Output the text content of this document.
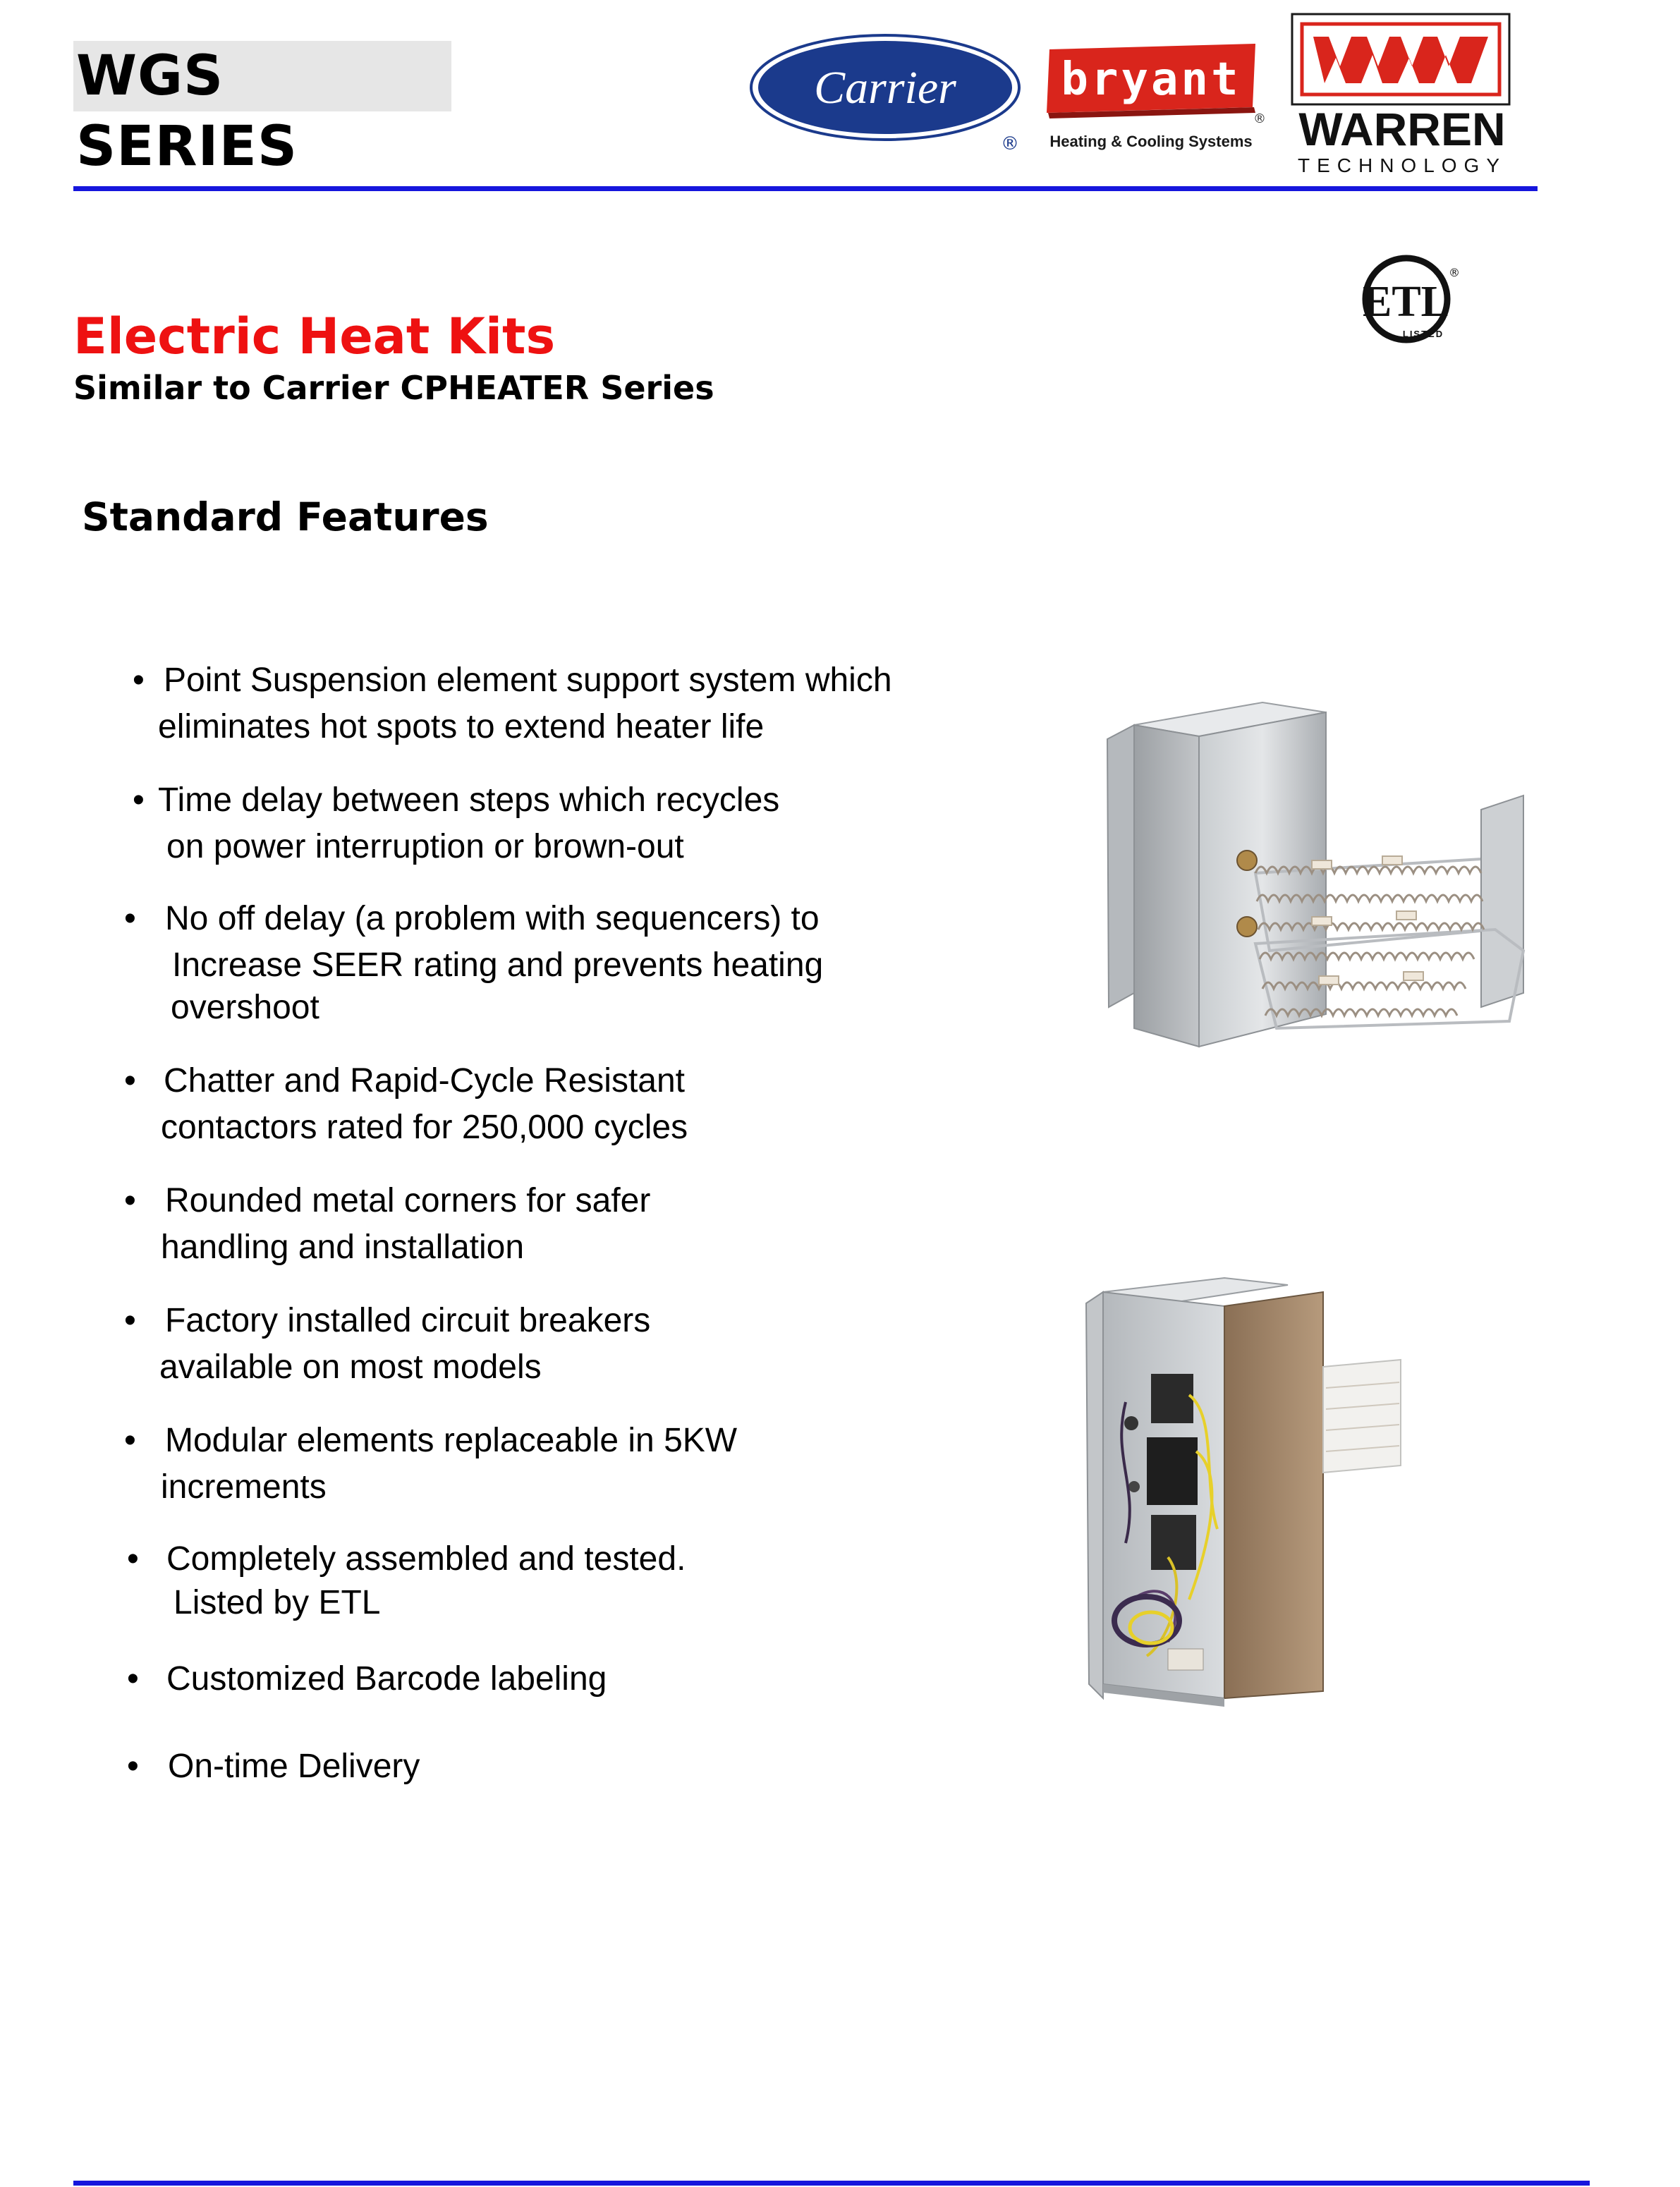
WGS SERIES
Carrier
®
bryant
®
Heating & Cooling Systems
WM
WARREN
TECHNOLOGY
ETL
®
LISTED
Electric Heat Kits
Similar to Carrier CPHEATER Series
Standard Features
• Point Suspension element support system which
eliminates hot spots to extend heater life
• Time delay between steps which recycles
on power interruption or brown-out
• No off delay (a problem with sequencers) to
Increase SEER rating and prevents heating
overshoot
• Chatter and Rapid-Cycle Resistant
contactors rated for 250,000 cycles
• Rounded metal corners for safer
handling and installation
• Factory installed circuit breakers
available on most models
• Modular elements replaceable in 5KW
increments
• Completely assembled and tested.
Listed by ETL
• Customized Barcode labeling
• On-time Delivery
